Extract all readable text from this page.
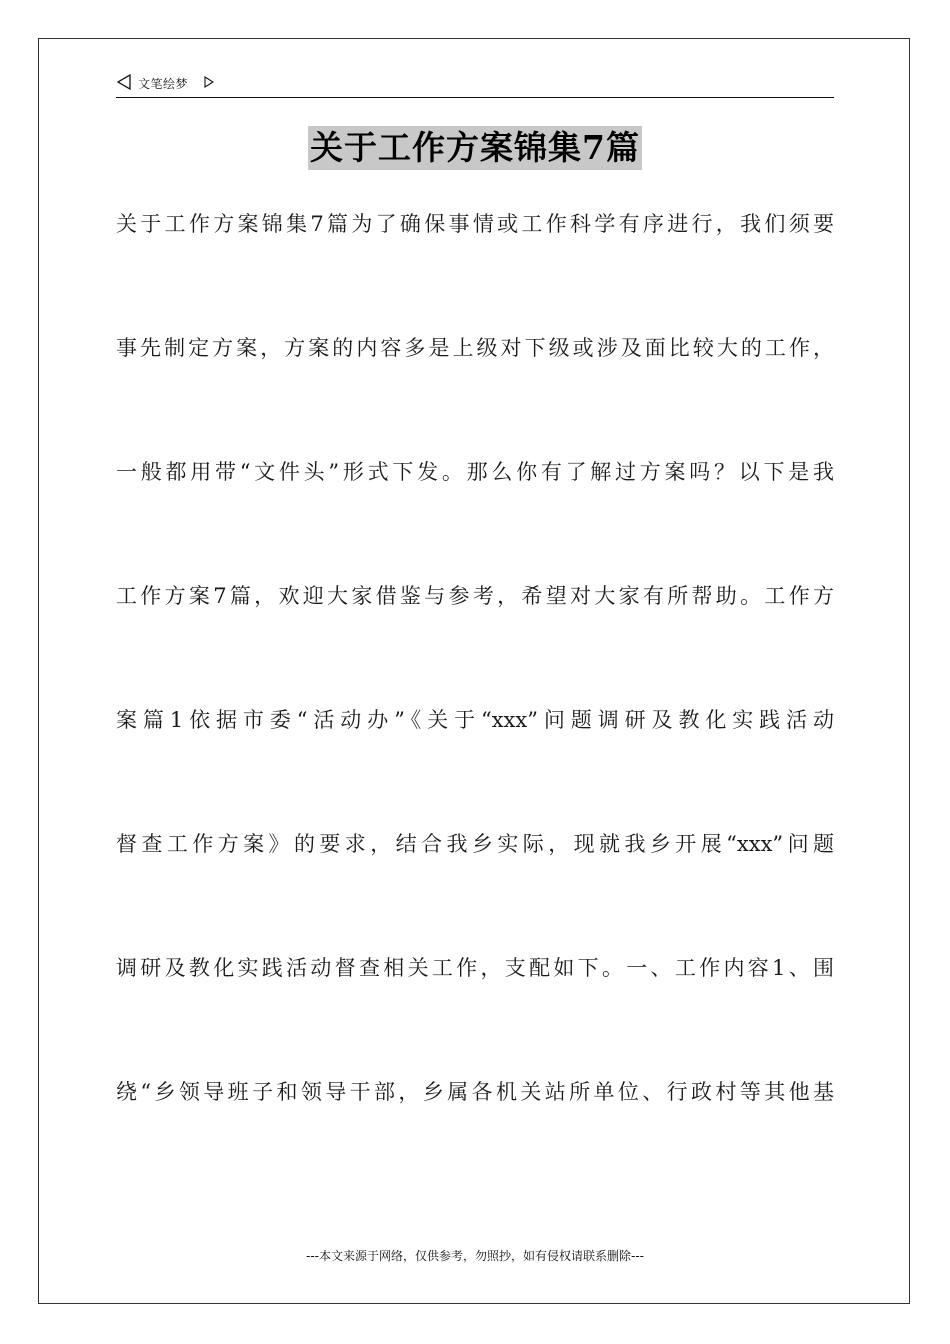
文笔绘梦
关于工作方案锦集7篇
关于工作方案锦集7篇为了确保事情或工作科学有序进行，我们须要
事先制定方案，方案的内容多是上级对下级或涉及面比较大的工作，
一般都用带“文件头”形式下发。那么你有了解过方案吗？以下是我
工作方案7篇，欢迎大家借鉴与参考，希望对大家有所帮助。工作方
案篇1依据市委“活动办”《关于“xxx”问题调研及教化实践活动
督查工作方案》的要求，结合我乡实际，现就我乡开展“xxx”问题
调研及教化实践活动督查相关工作，支配如下。一、工作内容1、围
绕“乡领导班子和领导干部，乡属各机关站所单位、行政村等其他基
---本文来源于网络，仅供参考，勿照抄，如有侵权请联系删除---
